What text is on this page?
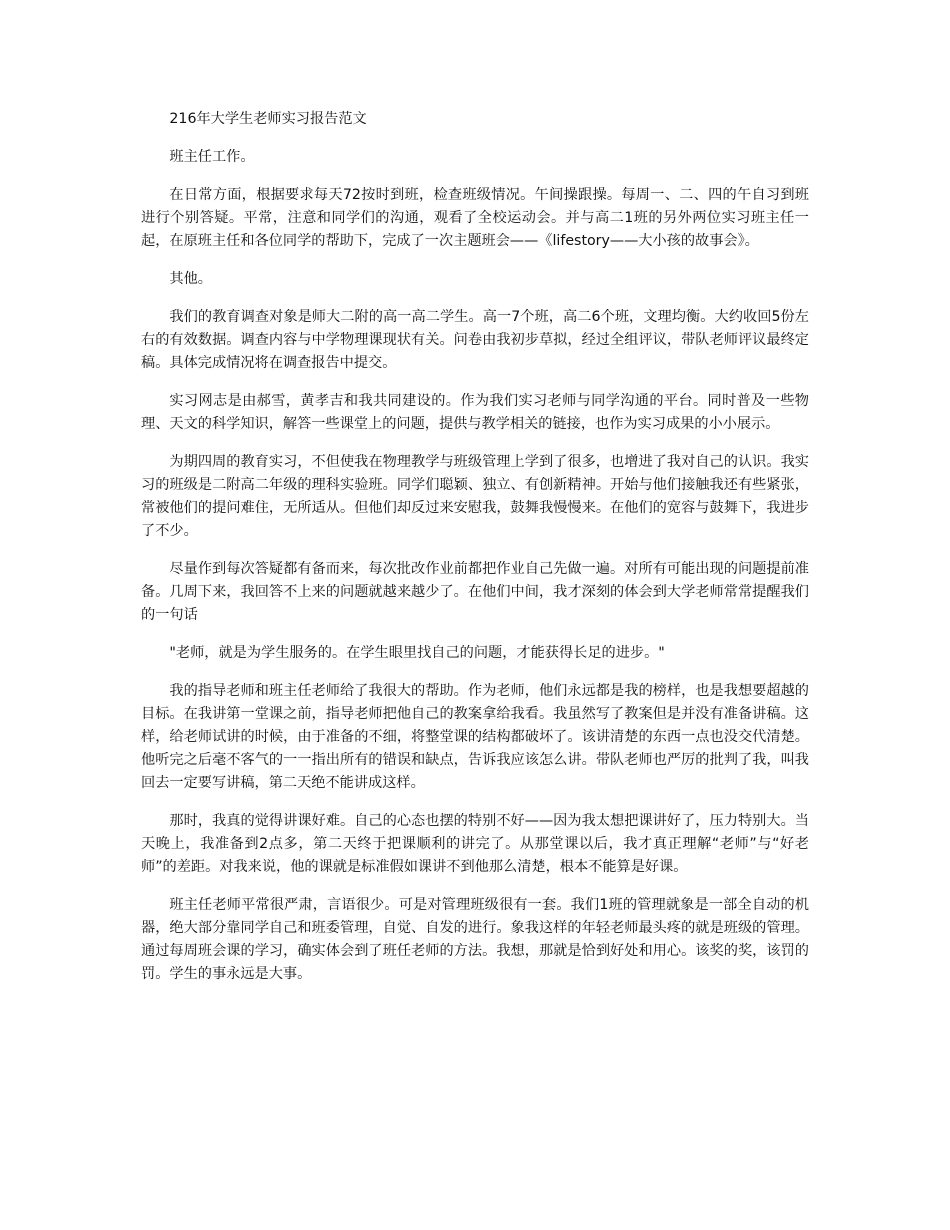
216年大学生老师实习报告范文

班主任工作。

在日常方面，根据要求每天72按时到班，检查班级情况。午间操跟操。每周一、二、四的午自习到班进行个别答疑。平常，注意和同学们的沟通，观看了全校运动会。并与高二1班的另外两位实习班主任一起，在原班主任和各位同学的帮助下，完成了一次主题班会——《lifestory——大小孩的故事会》。

其他。

我们的教育调查对象是师大二附的高一高二学生。高一7个班，高二6个班，文理均衡。大约收回5份左右的有效数据。调查内容与中学物理课现状有关。问卷由我初步草拟，经过全组评议，带队老师评议最终定稿。具体完成情况将在调查报告中提交。

实习网志是由郝雪，黄孝吉和我共同建设的。作为我们实习老师与同学沟通的平台。同时普及一些物理、天文的科学知识，解答一些课堂上的问题，提供与教学相关的链接，也作为实习成果的小小展示。

为期四周的教育实习，不但使我在物理教学与班级管理上学到了很多，也增进了我对自己的认识。我实习的班级是二附高二年级的理科实验班。同学们聪颖、独立、有创新精神。开始与他们接触我还有些紧张，常被他们的提问难住，无所适从。但他们却反过来安慰我，鼓舞我慢慢来。在他们的宽容与鼓舞下，我进步了不少。

尽量作到每次答疑都有备而来，每次批改作业前都把作业自己先做一遍。对所有可能出现的问题提前准备。几周下来，我回答不上来的问题就越来越少了。在他们中间，我才深刻的体会到大学老师常常提醒我们的一句话

"老师，就是为学生服务的。在学生眼里找自己的问题，才能获得长足的进步。"

我的指导老师和班主任老师给了我很大的帮助。作为老师，他们永远都是我的榜样，也是我想要超越的目标。在我讲第一堂课之前，指导老师把他自己的教案拿给我看。我虽然写了教案但是并没有准备讲稿。这样，给老师试讲的时候，由于准备的不细，将整堂课的结构都破坏了。该讲清楚的东西一点也没交代清楚。他听完之后毫不客气的一一指出所有的错误和缺点，告诉我应该怎么讲。带队老师也严厉的批判了我，叫我回去一定要写讲稿，第二天绝不能讲成这样。

那时，我真的觉得讲课好难。自己的心态也摆的特别不好——因为我太想把课讲好了，压力特别大。当天晚上，我准备到2点多，第二天终于把课顺利的讲完了。从那堂课以后，我才真正理解“老师”与“好老师”的差距。对我来说，他的课就是标准假如课讲不到他那么清楚，根本不能算是好课。

班主任老师平常很严肃，言语很少。可是对管理班级很有一套。我们1班的管理就象是一部全自动的机器，绝大部分靠同学自己和班委管理，自觉、自发的进行。象我这样的年轻老师最头疼的就是班级的管理。通过每周班会课的学习，确实体会到了班任老师的方法。我想，那就是恰到好处和用心。该奖的奖，该罚的罚。学生的事永远是大事。
